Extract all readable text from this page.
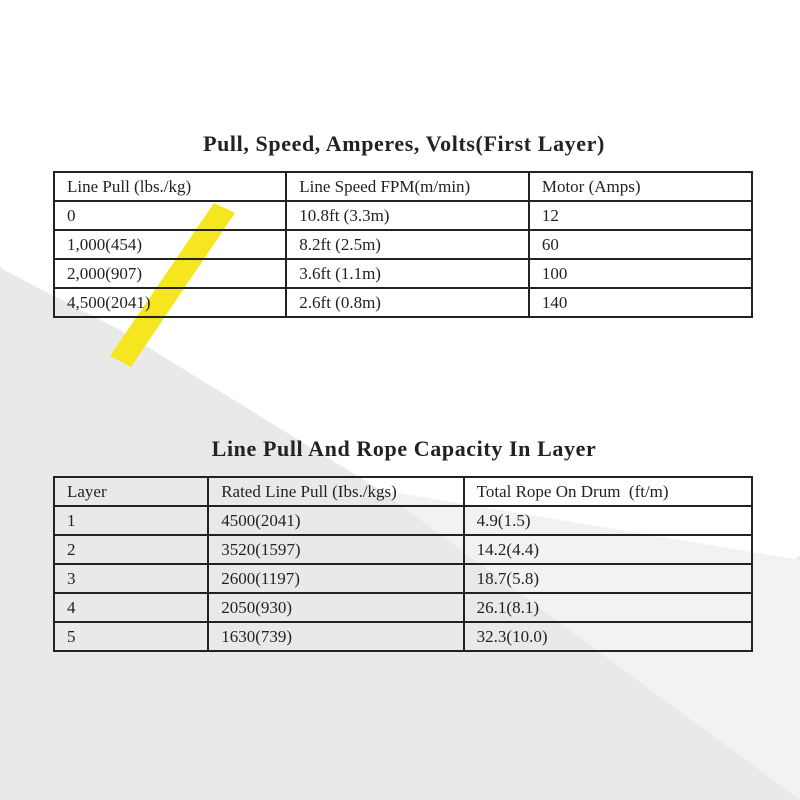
Pull, Speed, Amperes, Volts(First Layer)
Line Pull (lbs./kg)	Line Speed FPM(m/min)	Motor (Amps)
0	10.8ft (3.3m)	12
1,000(454)	8.2ft (2.5m)	60
2,000(907)	3.6ft (1.1m)	100
4,500(2041)	2.6ft (0.8m)	140
Line Pull And Rope Capacity In Layer
Layer	Rated Line Pull (Ibs./kgs)	Total Rope On Drum  (ft/m)
1	4500(2041)	4.9(1.5)
2	3520(1597)	14.2(4.4)
3	2600(1197)	18.7(5.8)
4	2050(930)	26.1(8.1)
5	1630(739)	32.3(10.0)
